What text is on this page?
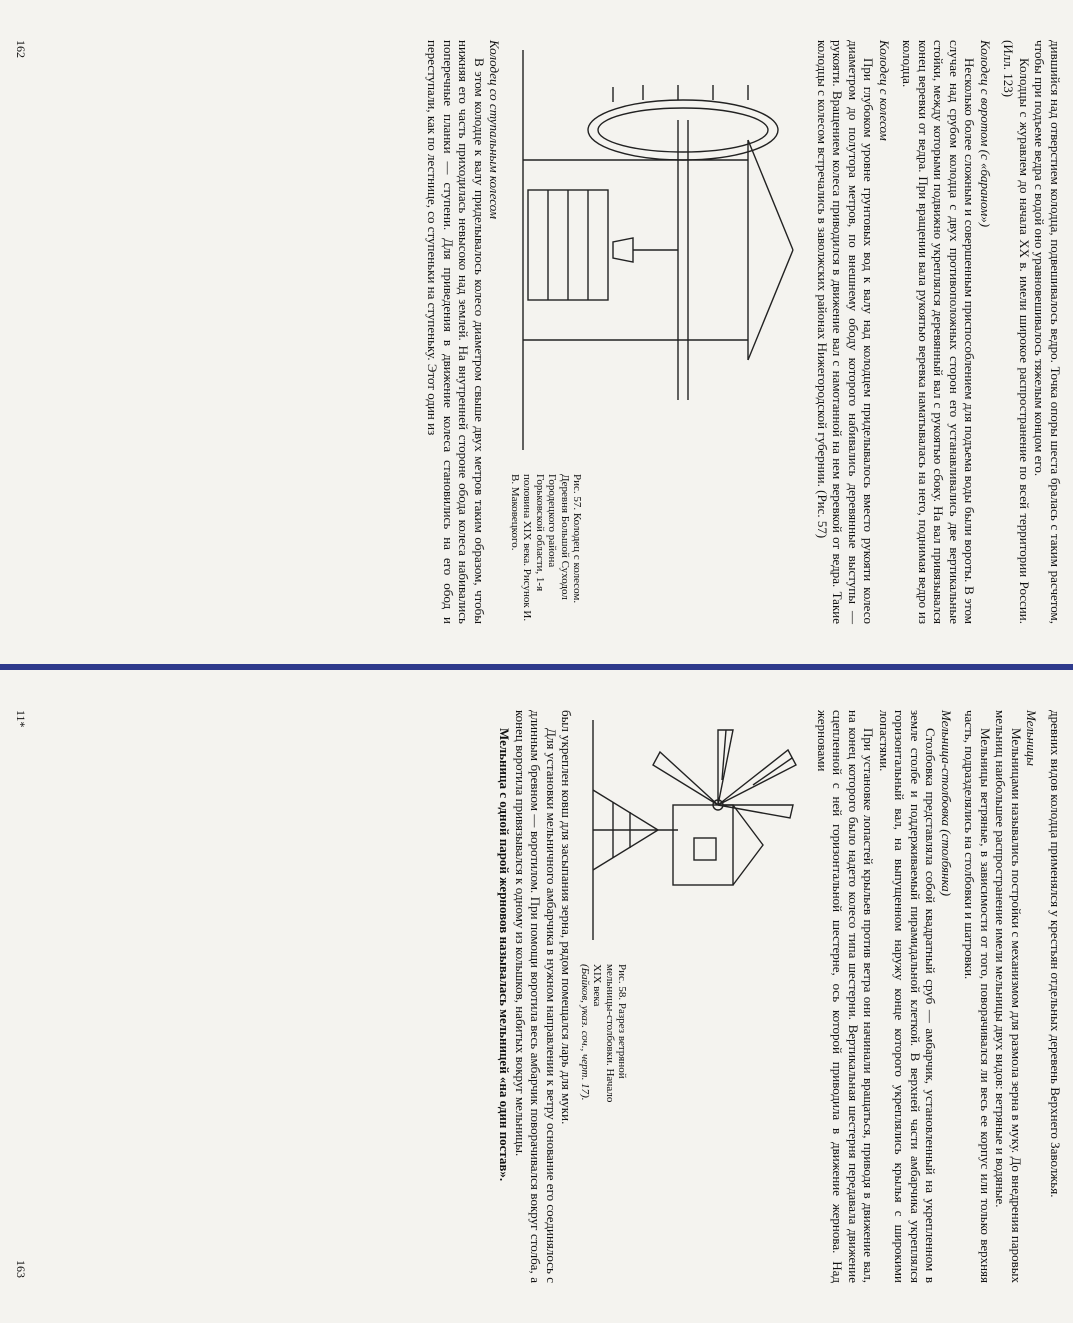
дившийся над отверстием колодца, подвешивалось ведро. Точка опоры шеста бралась с таким расчетом, чтобы при подъеме ведра с водой оно уравновешивалось тяжелым концом его.

Колодцы с журавлем до начала XX в. имели широкое распространение по всей территории России. (Илл. 123)

Колодец с воротом (с «бараном»)

Несколько более сложным и совершенным приспособлением для подъема воды были вороты. В этом случае над срубом колодца с двух противоположных сторон его устанавливались две вертикальные стойки, между которыми подвижно укреплялся деревянный вал с рукоятью сбоку. На вал привязывался конец веревки от ведра. При вращении вала рукоятью веревка наматывалась на него, поднимая ведро из колодца.

Колодец с колесом

При глубоком уровне грунтовых вод к валу над колодцем приделывалось вместо рукояти колесо диаметром до полутора метров, по внешнему ободу которого набивались деревянные выступы — рукояти. Вращением колеса приводился в движение вал с намотанной на нем веревкой от ведра. Такие колодцы с колесом встречались в заволжских районах Нижегородской губернии. (Рис. 57)

Рис. 57. Колодец с колесом. Деревня Большой Суходол Городецкого района Горьковской области, 1-я половина XIX века. Рисунок И. В. Маковецкого.

Колодец со ступальным колесом

В этом колодце к валу приделывалось колесо диаметром свыше двух метров таким образом, чтобы нижняя его часть приходилась невысоко над землей. На внутренней стороне обода колеса набивались поперечные планки — ступени. Для приведения в движение колеса становились на его обод и переступали, как по лестнице, со ступеньки на ступеньку. Этот один из

162

древних видов колодца применялся у крестьян отдельных деревень Верхнего Заволжья.

Мельницы

Мельницами назывались постройки с механизмом для размола зерна в муку. До внедрения паровых мельниц наибольшее распространение имели мельницы двух видов: ветряные и водяные.

Мельницы ветряные, в зависимости от того, поворачивался ли весь ее корпус или только верхняя часть, подразделялись на столбовки и шатровки.

Мельница-столбовка (столбянка)

Столбовка представляла собой квадратный сруб — амбарчик, установленный на укрепленном в земле столбе и поддерживаемый пирамидальной клеткой. В верхней части амбарчика укреплялся горизонтальный вал, на выпущенном наружу конце которого укреплялись крылья с широкими лопастями.

При установке лопастей крыльев против ветра они начинали вращаться, приводя в движение вал, на конец которого было надето колесо типа шестерни. Вертикальная шестерня передавала движение сцепленной с ней горизонтальной шестерне, ось которой приводила в движение жернова. Над жерновами

Рис. 58. Разрез ветряной мельницы-столбовки. Начало XIX века
(Байков, указ. соч., черт. 17).

был укреплен ковш для засыпания зерна, рядом помещался ларь для муки.

Для установки мельничного амбарчика в нужном направлении к ветру основание его соединялось с длинным бревном — воротилом. При помощи воротила весь амбарчик поворачивался вокруг столба, а конец воротила привязывался к одному из кольшков, набитых вокруг мельницы.

Мельница с одной парой жерновов называлась мельницей «на один постав».

11*
163
